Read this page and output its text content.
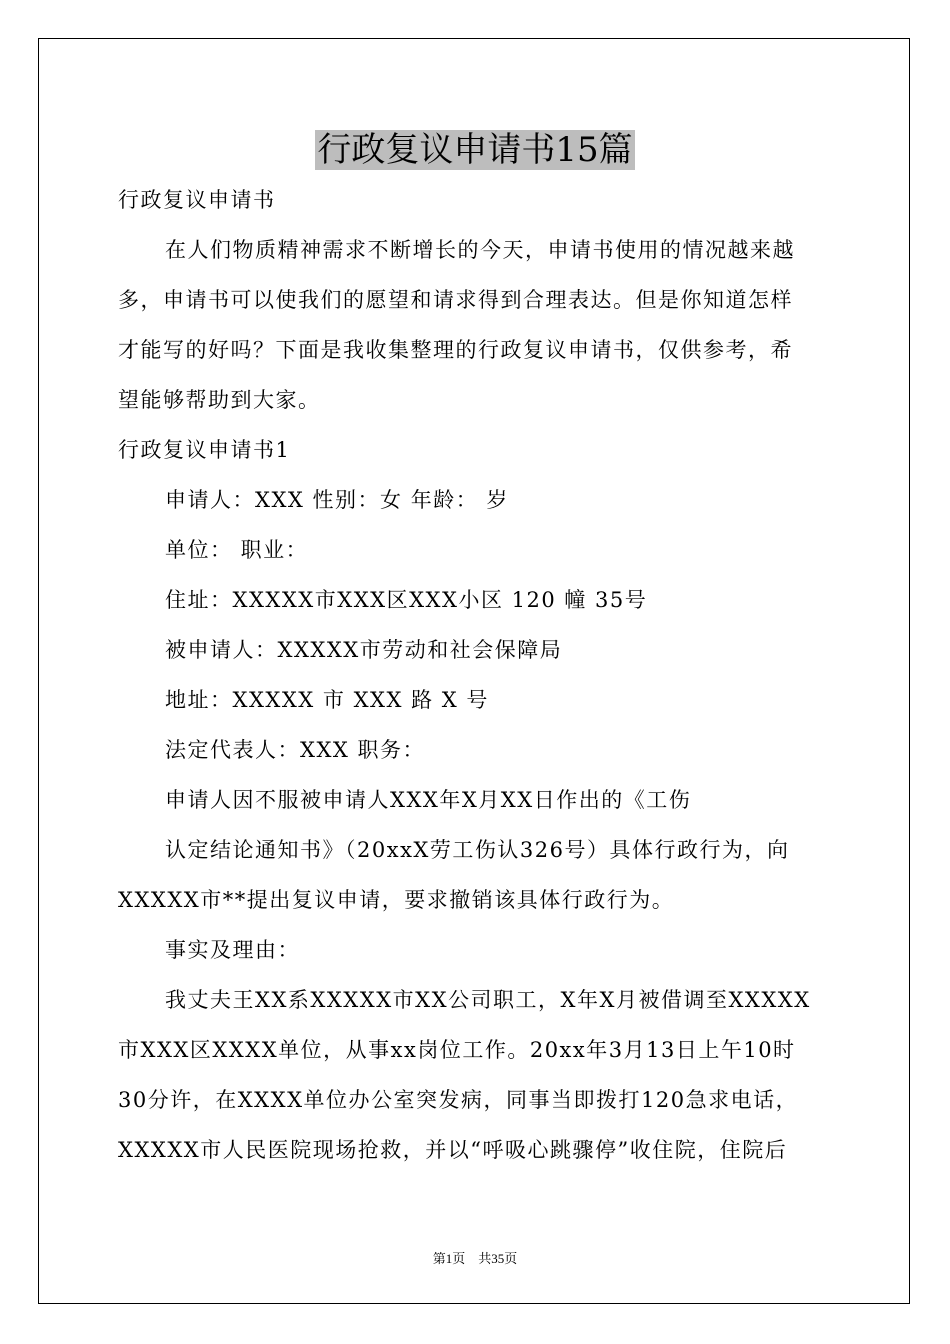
行政复议申请书15篇
行政复议申请书
在人们物质精神需求不断增长的今天，申请书使用的情况越来越
多，申请书可以使我们的愿望和请求得到合理表达。但是你知道怎样
才能写的好吗？下面是我收集整理的行政复议申请书，仅供参考，希
望能够帮助到大家。
行政复议申请书1
申请人：XXX 性别：女 年龄： 岁
单位： 职业：
住址：XXXXX市XXX区XXX小区 120 幢 35号
被申请人：XXXXX市劳动和社会保障局
地址：XXXXX 市 XXX 路 X 号
法定代表人：XXX 职务：
申请人因不服被申请人XXX年X月XX日作出的《工伤
认定结论通知书》（20xxX劳工伤认326号）具体行政行为，向
XXXXX市**提出复议申请，要求撤销该具体行政行为。
事实及理由：
我丈夫王XX系XXXXX市XX公司职工，X年X月被借调至XXXXX
市XXX区XXXX单位，从事xx岗位工作。20xx年3月13日上午10时
30分许，在XXXX单位办公室突发病，同事当即拨打120急求电话，
XXXXX市人民医院现场抢救，并以“呼吸心跳骤停”收住院，住院后
第1页　共35页
